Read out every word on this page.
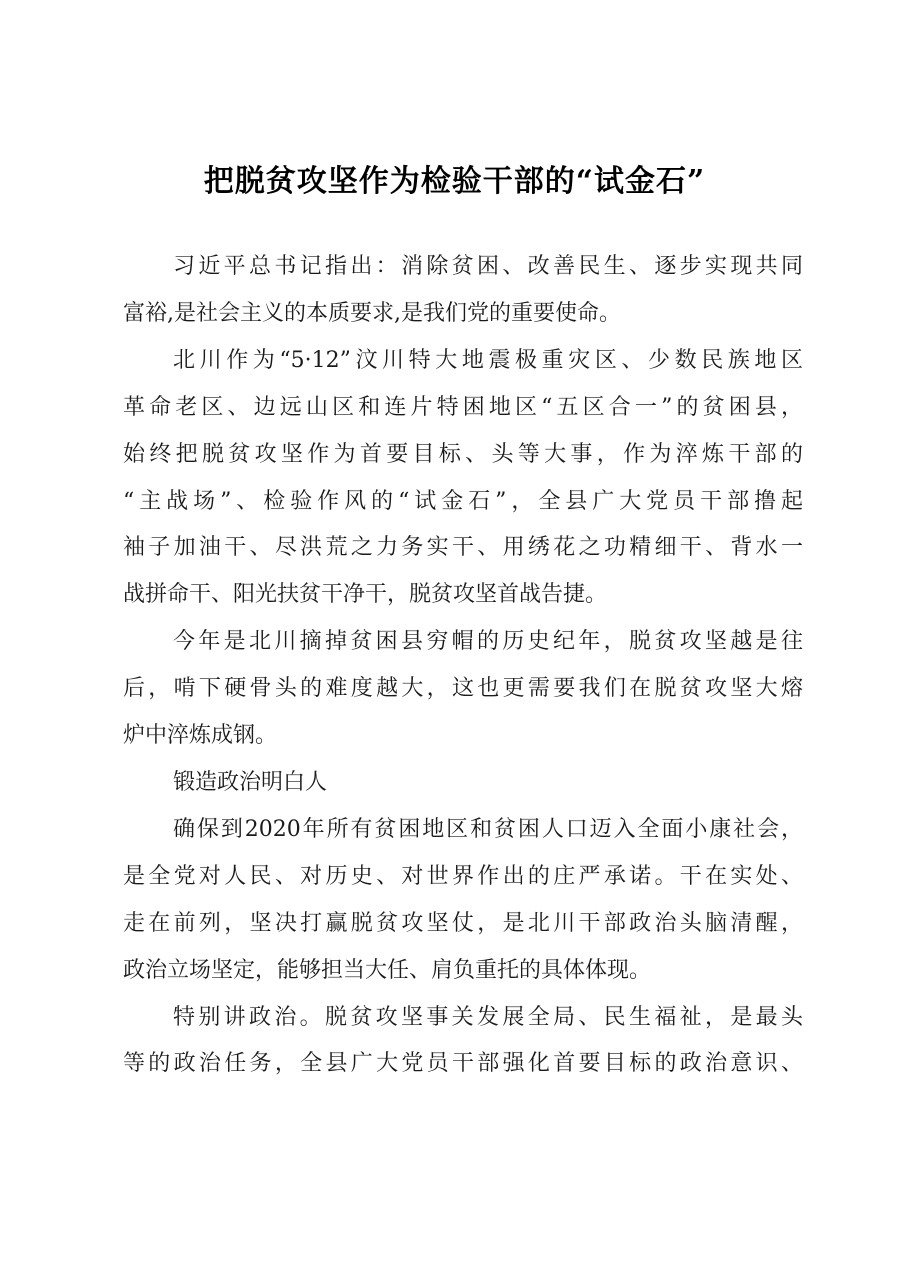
把脱贫攻坚作为检验干部的“试金石”
习近平总书记指出：消除贫困、改善民生、逐步实现共同
富裕,是社会主义的本质要求,是我们党的重要使命。
北川作为“5·12”汶川特大地震极重灾区、少数民族地区
革命老区、边远山区和连片特困地区“五区合一”的贫困县，
始终把脱贫攻坚作为首要目标、头等大事，作为淬炼干部的
“主战场”、检验作风的“试金石”，全县广大党员干部撸起
袖子加油干、尽洪荒之力务实干、用绣花之功精细干、背水一
战拼命干、阳光扶贫干净干，脱贫攻坚首战告捷。
今年是北川摘掉贫困县穷帽的历史纪年，脱贫攻坚越是往
后，啃下硬骨头的难度越大，这也更需要我们在脱贫攻坚大熔
炉中淬炼成钢。
锻造政治明白人
确保到2020年所有贫困地区和贫困人口迈入全面小康社会，
是全党对人民、对历史、对世界作出的庄严承诺。干在实处、
走在前列，坚决打赢脱贫攻坚仗，是北川干部政治头脑清醒，
政治立场坚定，能够担当大任、肩负重托的具体体现。
特别讲政治。脱贫攻坚事关发展全局、民生福祉，是最头
等的政治任务，全县广大党员干部强化首要目标的政治意识、
